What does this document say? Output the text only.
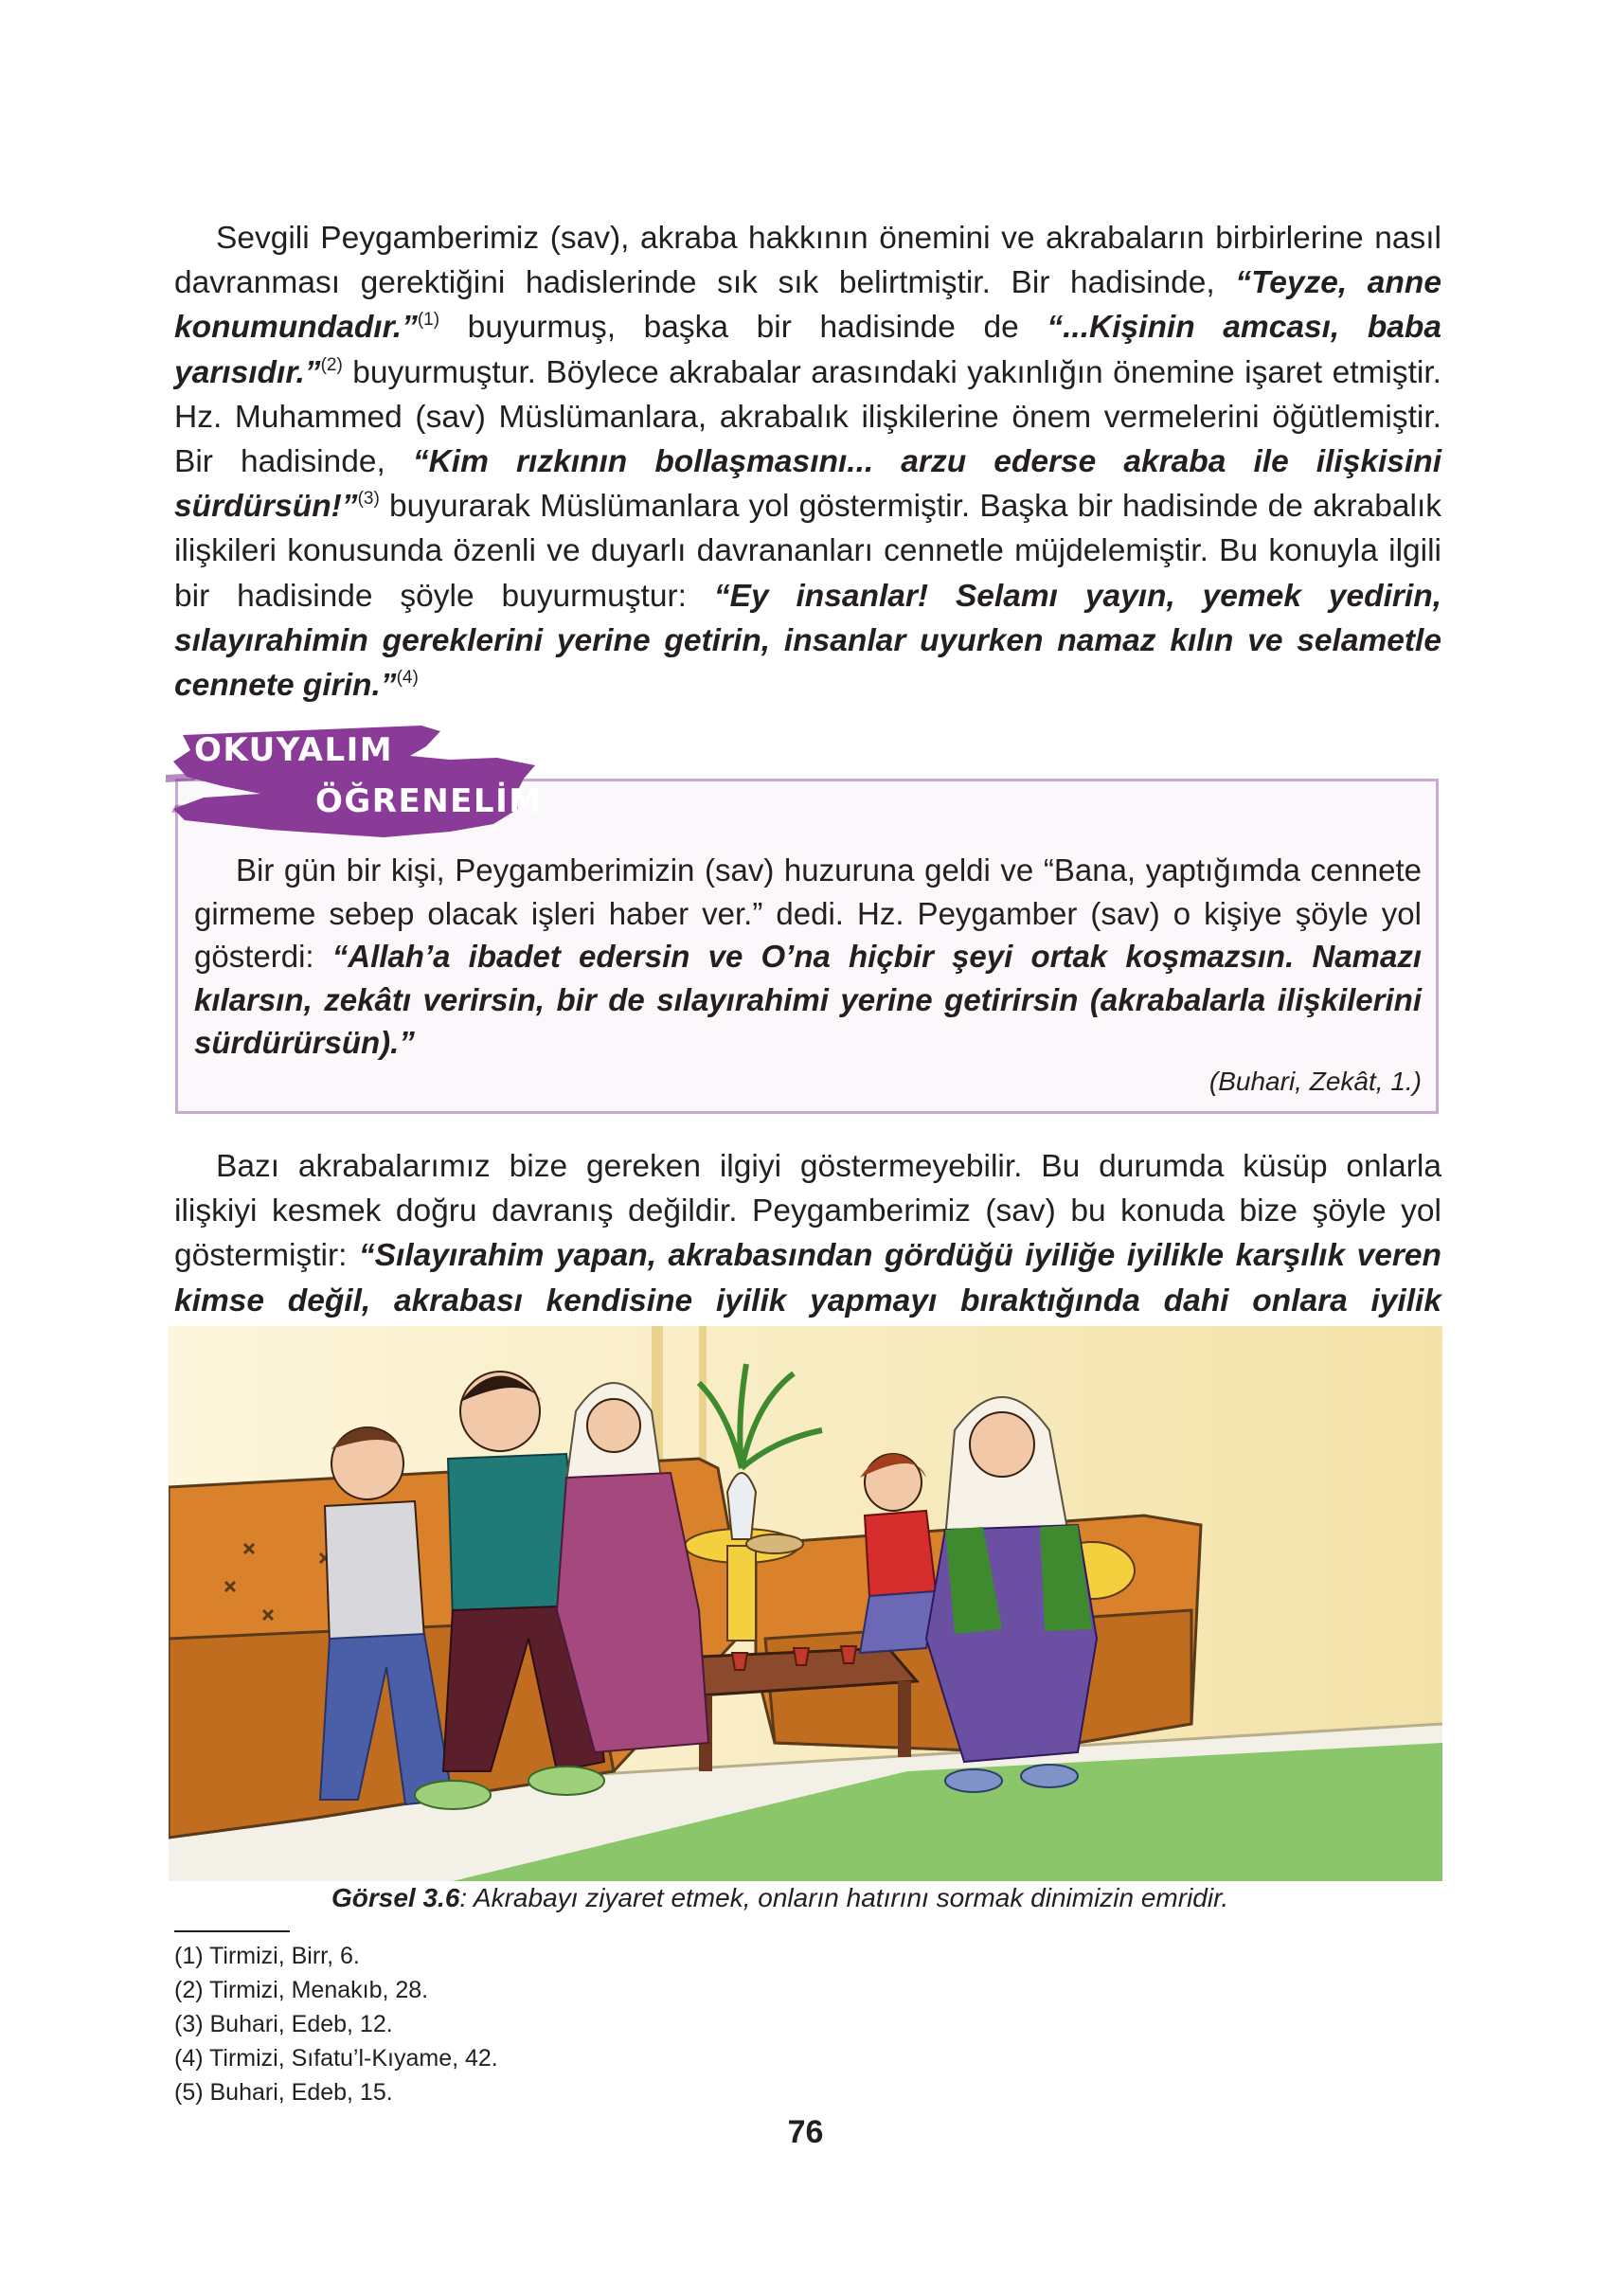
Sevgili Peygamberimiz (sav), akraba hakkının önemini ve akrabaların birbirlerine nasıl davranması gerektiğini hadislerinde sık sık belirtmiştir. Bir hadisinde, “Teyze, anne konumundadır.”$^{(1)}$ buyurmuş, başka bir hadisinde de “...Kişinin amcası, baba yarısıdır.”$^{(2)}$ buyurmuştur. Böylece akrabalar arasındaki yakınlığın önemine işaret etmiştir. Hz. Muhammed (sav) Müslümanlara, akrabalık ilişkilerine önem vermelerini öğütlemiştir. Bir hadisinde, “Kim rızkının bollaşmasını... arzu ederse akraba ile ilişkisini sürdürsün!”$^{(3)}$ buyurarak Müslümanlara yol göstermiştir. Başka bir hadisinde de akrabalık ilişkileri konusunda özenli ve duyarlı davrananları cennetle müjdelemiştir. Bu konuyla ilgili bir hadisinde şöyle buyurmuştur: “Ey insanlar! Selamı yayın, yemek yedirin, sılayırahimin gereklerini yerine getirin, insanlar uyurken namaz kılın ve selametle cennete girin.”$^{(4)}$

OKUYALIM
ÖĞRENELİM

Bir gün bir kişi, Peygamberimizin (sav) huzuruna geldi ve “Bana, yaptığımda cennete girmeme sebep olacak işleri haber ver.” dedi. Hz. Peygamber (sav) o kişiye şöyle yol gösterdi: “Allah’a ibadet edersin ve O’na hiçbir şeyi ortak koşmazsın. Namazı kılarsın, zekâtı verirsin, bir de sılayırahimi yerine getirirsin (akrabalarla ilişkilerini sürdürürsün).”

(Buhari, Zekât, 1.)

Bazı akrabalarımız bize gereken ilgiyi göstermeyebilir. Bu durumda küsüp onlarla ilişkiyi kesmek doğru davranış değildir. Peygamberimiz (sav) bu konuda bize şöyle yol göstermiştir: “Sılayırahim yapan, akrabasından gördüğü iyiliğe iyilikle karşılık veren kimse değil, akrabası kendisine iyilik yapmayı bıraktığında dahi onlara iyilik

Görsel 3.6: Akrabayı ziyaret etmek, onların hatırını sormak dinimizin emridir.
(1) Tirmizi, Birr, 6.
(2) Tirmizi, Menakıb, 28.
(3) Buhari, Edeb, 12.
(4) Tirmizi, Sıfatu’l-Kıyame, 42.
(5) Buhari, Edeb, 15.
76
